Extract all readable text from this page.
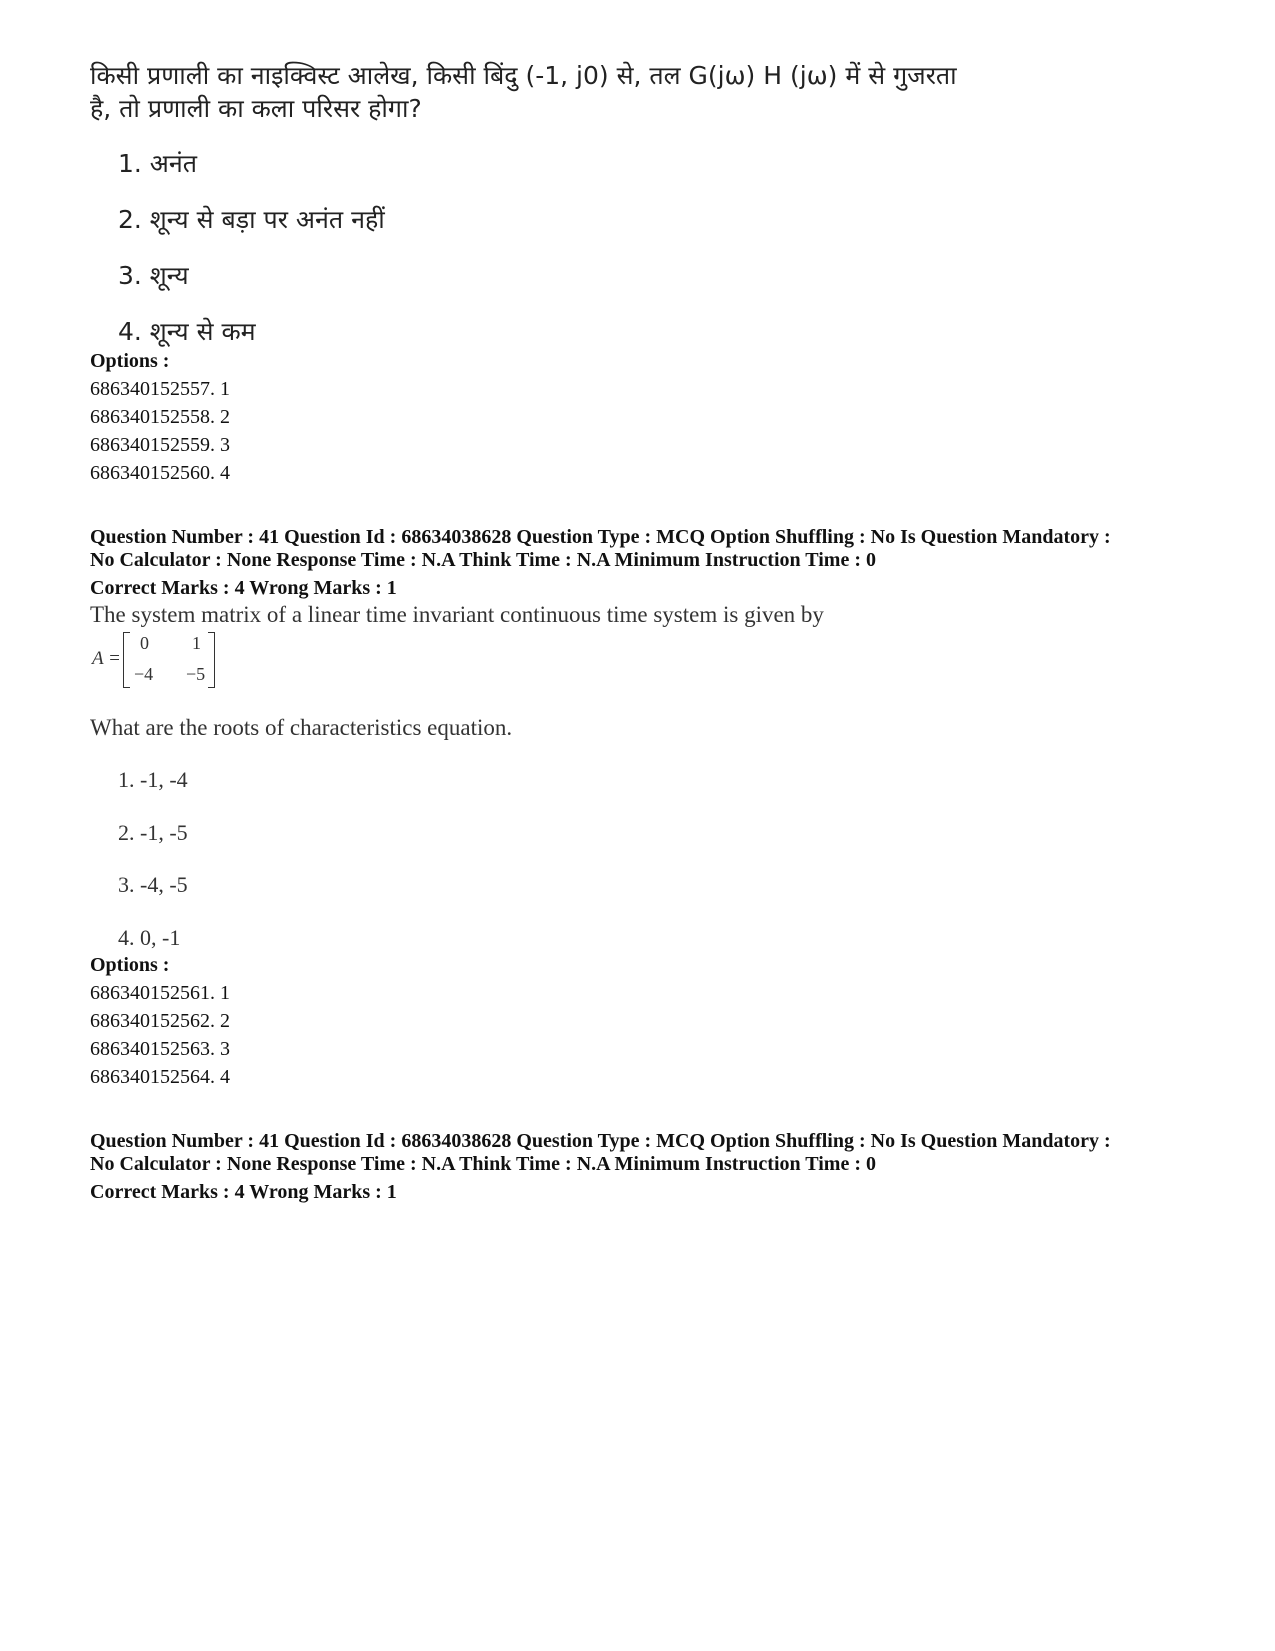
किसी प्रणाली का नाइक्विस्ट आलेख, किसी बिंदु (-1, j0) से, तल G(jω) H (jω) में से गुजरता
है, तो प्रणाली का कला परिसर होगा?
1. अनंत
2. शून्य से बड़ा पर अनंत नहीं
3. शून्य
4. शून्य से कम
Options :
686340152557. 1
686340152558. 2
686340152559. 3
686340152560. 4
Question Number : 41 Question Id : 68634038628 Question Type : MCQ Option Shuffling : No Is Question Mandatory :
No Calculator : None Response Time : N.A Think Time : N.A Minimum Instruction Time : 0
Correct Marks : 4 Wrong Marks : 1
The system matrix of a linear time invariant continuous time system is given by
A =
0 1
−4 −5
What are the roots of characteristics equation.
1. -1, -4
2. -1, -5
3. -4, -5
4. 0, -1
Options :
686340152561. 1
686340152562. 2
686340152563. 3
686340152564. 4
Question Number : 41 Question Id : 68634038628 Question Type : MCQ Option Shuffling : No Is Question Mandatory :
No Calculator : None Response Time : N.A Think Time : N.A Minimum Instruction Time : 0
Correct Marks : 4 Wrong Marks : 1
